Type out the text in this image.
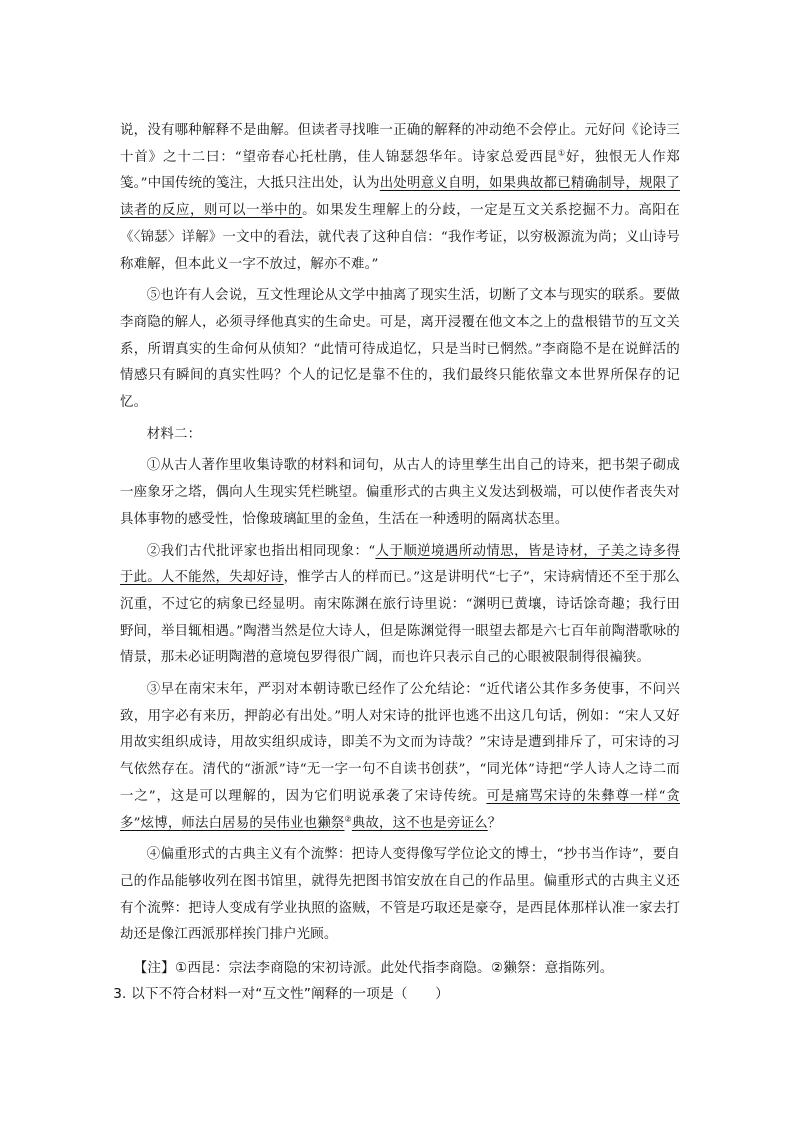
说，没有哪种解释不是曲解。但读者寻找唯一正确的解释的冲动绝不会停止。元好问《论诗三十首》之十二曰：“望帝春心托杜鹃，佳人锦瑟怨华年。诗家总爱西昆①好，独恨无人作郑笺。”中国传统的笺注，大抵只注出处，认为出处明意义自明，如果典故都已精确制导，规限了读者的反应，则可以一举中的。如果发生理解上的分歧，一定是互文关系挖掘不力。高阳在《〈锦瑟〉详解》一文中的看法，就代表了这种自信：“我作考证，以穷极源流为尚；义山诗号称难解，但本此义一字不放过，解亦不难。”

⑤也许有人会说，互文性理论从文学中抽离了现实生活，切断了文本与现实的联系。要做李商隐的解人，必须寻绎他真实的生命史。可是，离开浸覆在他文本之上的盘根错节的互文关系，所谓真实的生命何从侦知？“此情可待成追忆，只是当时已惘然。”李商隐不是在说鲜活的情感只有瞬间的真实性吗？个人的记忆是靠不住的，我们最终只能依靠文本世界所保存的记忆。

材料二：

①从古人著作里收集诗歌的材料和词句，从古人的诗里孳生出自己的诗来，把书架子砌成一座象牙之塔，偶向人生现实凭栏眺望。偏重形式的古典主义发达到极端，可以使作者丧失对具体事物的感受性，恰像玻璃缸里的金鱼，生活在一种透明的隔离状态里。

②我们古代批评家也指出相同现象：“人于顺逆境遇所动情思，皆是诗材，子美之诗多得于此。人不能然，失却好诗，惟学古人的样而已。”这是讲明代“七子”，宋诗病情还不至于那么沉重，不过它的病象已经显明。南宋陈渊在旅行诗里说：“渊明已黄壤，诗话馀奇趣；我行田野间，举目辄相遇。”陶潜当然是位大诗人，但是陈渊觉得一眼望去都是六七百年前陶潜歌咏的情景，那未必证明陶潜的意境包罗得很广阔，而也许只表示自己的心眼被限制得很褊狭。

③早在南宋末年，严羽对本朝诗歌已经作了公允结论：“近代诸公其作多务使事，不问兴致，用字必有来历，押韵必有出处。”明人对宋诗的批评也逃不出这几句话，例如：“宋人又好用故实组织成诗，用故实组织成诗，即美不为文而为诗哉？”宋诗是遭到排斥了，可宋诗的习气依然存在。清代的“浙派”诗“无一字一句不自读书创获”，“同光体”诗把“学人诗人之诗二而一之”，这是可以理解的，因为它们明说承袭了宋诗传统。可是痛骂宋诗的朱彝尊一样“贪多”炫博，师法白居易的吴伟业也獭祭②典故，这不也是旁证么？

④偏重形式的古典主义有个流弊：把诗人变得像写学位论文的博士，“抄书当作诗”，要自己的作品能够收列在图书馆里，就得先把图书馆安放在自己的作品里。偏重形式的古典主义还有个流弊：把诗人变成有学业执照的盗贼，不管是巧取还是豪夺，是西昆体那样认准一家去打劫还是像江西派那样挨门排户光顾。

【注】①西昆：宗法李商隐的宋初诗派。此处代指李商隐。②獭祭：意指陈列。

3. 以下不符合材料一对“互文性”阐释的一项是（　　）
